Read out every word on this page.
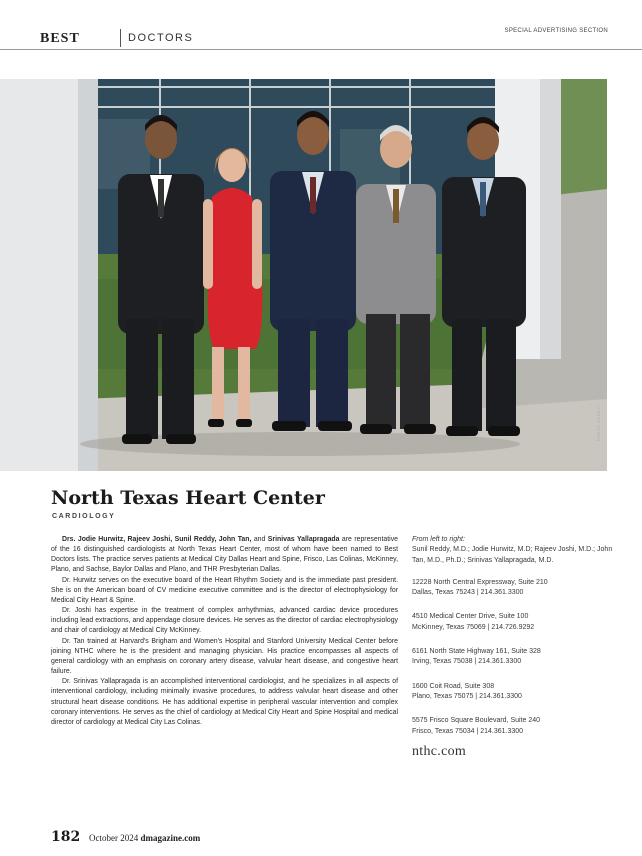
BEST	DOCTORS
SPECIAL ADVERTISING SECTION
PHOTO CREDIT
North Texas Heart Center
CARDIOLOGY

Drs. Jodie Hurwitz, Rajeev Joshi, Sunil Reddy, John Tan, and Srinivas Yallapragada are representative of the 16 distinguished cardiologists at North Texas Heart Center, most of whom have been named to Best Doctors lists. The practice serves patients at Medical City Dallas Heart and Spine, Frisco, Las Colinas, McKinney, Plano, and Sachse, Baylor Dallas and Plano, and THR Presbyterian Dallas.

Dr. Hurwitz serves on the executive board of the Heart Rhythm Society and is the immediate past president. She is on the American board of CV medicine executive committee and is the director of electrophysiology for Medical City Heart & Spine.

Dr. Joshi has expertise in the treatment of complex arrhythmias, advanced cardiac device procedures including lead extractions, and appendage closure devices. He serves as the director of cardiac electrophysiology and chair of cardiology at Medical City McKinney.

Dr. Tan trained at Harvard's Brigham and Women's Hospital and Stanford University Medical Center before joining NTHC where he is the president and managing physician. His practice encompasses all aspects of general cardiology with an emphasis on coronary artery disease, valvular heart disease, and congestive heart failure.

Dr. Srinivas Yallapragada is an accomplished interventional cardiologist, and he specializes in all aspects of interventional cardiology, including minimally invasive procedures, to address valvular heart disease and other structural heart disease conditions. He has additional expertise in peripheral vascular intervention and complex coronary interventions. He serves as the chief of cardiology at Medical City Heart and Spine Hospital and medical director of cardiology at Medical City Las Colinas.

From left to right:
Sunil Reddy, M.D.; Jodie Hurwitz, M.D; Rajeev Joshi, M.D.; John Tan, M.D., Ph.D.; Srinivas Yallapragada, M.D.
12228 North Central Expressway, Suite 210
Dallas, Texas 75243 | 214.361.3300
4510 Medical Center Drive, Suite 100
McKinney, Texas 75069 | 214.726.9292
6161 North State Highway 161, Suite 328
Irving, Texas 75038 | 214.361.3300
1600 Coit Road, Suite 308
Plano, Texas 75075 | 214.361.3300
5575 Frisco Square Boulevard, Suite 240
Frisco, Texas 75034 | 214.361.3300
nthc.com
182 October 2024 dmagazine.com
